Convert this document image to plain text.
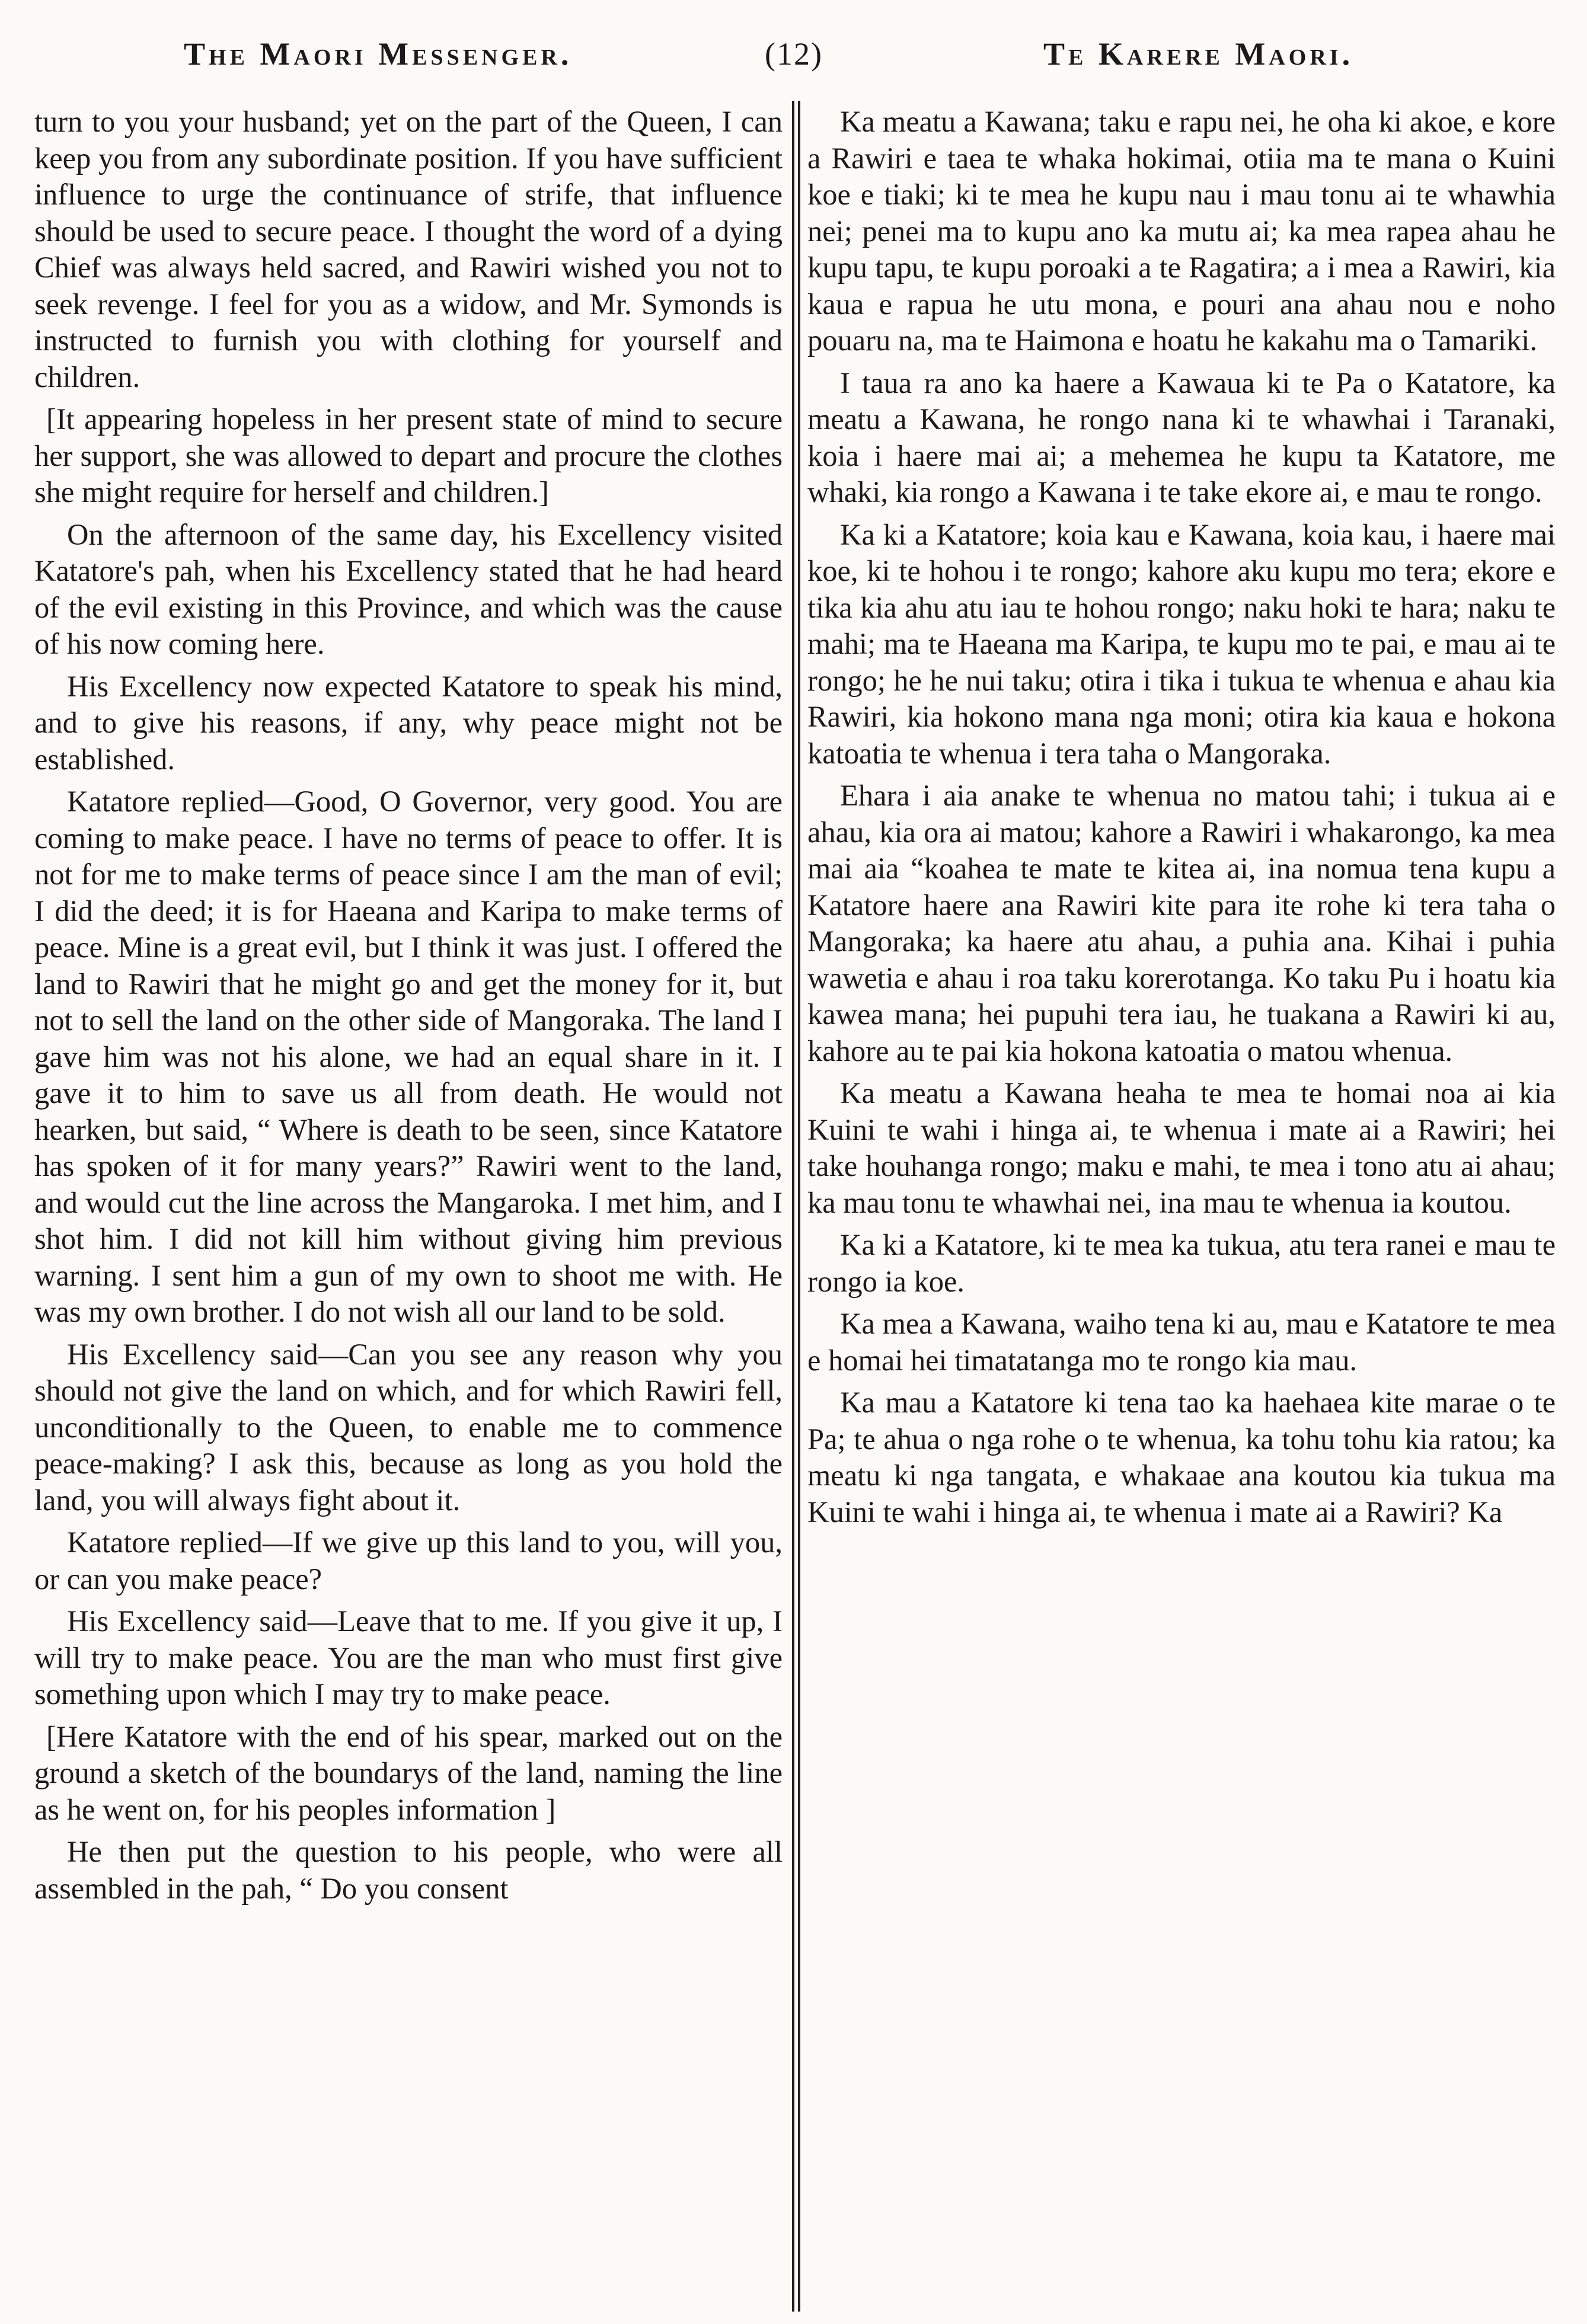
The Maori Messenger.	(12)	Te Karere Maori.

turn to you your husband; yet on the part of the Queen, I can keep you from any subordinate position. If you have sufficient influence to urge the continuance of strife, that influence should be used to secure peace. I thought the word of a dying Chief was always held sacred, and Rawiri wished you not to seek revenge. I feel for you as a widow, and Mr. Symonds is instructed to furnish you with clothing for yourself and children.

[It appearing hopeless in her present state of mind to secure her support, she was allowed to depart and procure the clothes she might require for herself and children.]

On the afternoon of the same day, his Excellency visited Katatore's pah, when his Excellency stated that he had heard of the evil existing in this Province, and which was the cause of his now coming here.

His Excellency now expected Katatore to speak his mind, and to give his reasons, if any, why peace might not be established.

Katatore replied—Good, O Governor, very good. You are coming to make peace. I have no terms of peace to offer. It is not for me to make terms of peace since I am the man of evil; I did the deed; it is for Haeana and Karipa to make terms of peace. Mine is a great evil, but I think it was just. I offered the land to Rawiri that he might go and get the money for it, but not to sell the land on the other side of Mangoraka. The land I gave him was not his alone, we had an equal share in it. I gave it to him to save us all from death. He would not hearken, but said, “ Where is death to be seen, since Katatore has spoken of it for many years?” Rawiri went to the land, and would cut the line across the Mangaroka. I met him, and I shot him. I did not kill him without giving him previous warning. I sent him a gun of my own to shoot me with. He was my own brother. I do not wish all our land to be sold.

His Excellency said—Can you see any reason why you should not give the land on which, and for which Rawiri fell, unconditionally to the Queen, to enable me to commence peace-making? I ask this, because as long as you hold the land, you will always fight about it.

Katatore replied—If we give up this land to you, will you, or can you make peace?

His Excellency said—Leave that to me. If you give it up, I will try to make peace. You are the man who must first give something upon which I may try to make peace.

[Here Katatore with the end of his spear, marked out on the ground a sketch of the boundarys of the land, naming the line as he went on, for his peoples information ]

He then put the question to his people, who were all assembled in the pah, “ Do you consent

Ka meatu a Kawana; taku e rapu nei, he oha ki akoe, e kore a Rawiri e taea te whaka hokimai, otiia ma te mana o Kuini koe e tiaki; ki te mea he kupu nau i mau tonu ai te whawhia nei; penei ma to kupu ano ka mutu ai; ka mea rapea ahau he kupu tapu, te kupu poroaki a te Ragatira; a i mea a Rawiri, kia kaua e rapua he utu mona, e pouri ana ahau nou e noho pouaru na, ma te Haimona e hoatu he kakahu ma o Tamariki.

I taua ra ano ka haere a Kawaua ki te Pa o Katatore, ka meatu a Kawana, he rongo nana ki te whawhai i Taranaki, koia i haere mai ai; a mehemea he kupu ta Katatore, me whaki, kia rongo a Kawana i te take ekore ai, e mau te rongo.

Ka ki a Katatore; koia kau e Kawana, koia kau, i haere mai koe, ki te hohou i te rongo; kahore aku kupu mo tera; ekore e tika kia ahu atu iau te hohou rongo; naku hoki te hara; naku te mahi; ma te Haeana ma Karipa, te kupu mo te pai, e mau ai te rongo; he he nui taku; otira i tika i tukua te whenua e ahau kia Rawiri, kia hokono mana nga moni; otira kia kaua e hokona katoatia te whenua i tera taha o Mangoraka.

Ehara i aia anake te whenua no matou tahi; i tukua ai e ahau, kia ora ai matou; kahore a Rawiri i whakarongo, ka mea mai aia “koahea te mate te kitea ai, ina nomua tena kupu a Katatore haere ana Rawiri kite para ite rohe ki tera taha o Mangoraka; ka haere atu ahau, a puhia ana. Kihai i puhia wawetia e ahau i roa taku korerotanga. Ko taku Pu i hoatu kia kawea mana; hei pupuhi tera iau, he tuakana a Rawiri ki au, kahore au te pai kia hokona katoatia o matou whenua.

Ka meatu a Kawana heaha te mea te homai noa ai kia Kuini te wahi i hinga ai, te whenua i mate ai a Rawiri; hei take houhanga rongo; maku e mahi, te mea i tono atu ai ahau; ka mau tonu te whawhai nei, ina mau te whenua ia koutou.

Ka ki a Katatore, ki te mea ka tukua, atu tera ranei e mau te rongo ia koe.

Ka mea a Kawana, waiho tena ki au, mau e Katatore te mea e homai hei timatatanga mo te rongo kia mau.

Ka mau a Katatore ki tena tao ka haehaea kite marae o te Pa; te ahua o nga rohe o te whenua, ka tohu tohu kia ratou; ka meatu ki nga tangata, e whakaae ana koutou kia tukua ma Kuini te wahi i hinga ai, te whenua i mate ai a Rawiri? Ka
